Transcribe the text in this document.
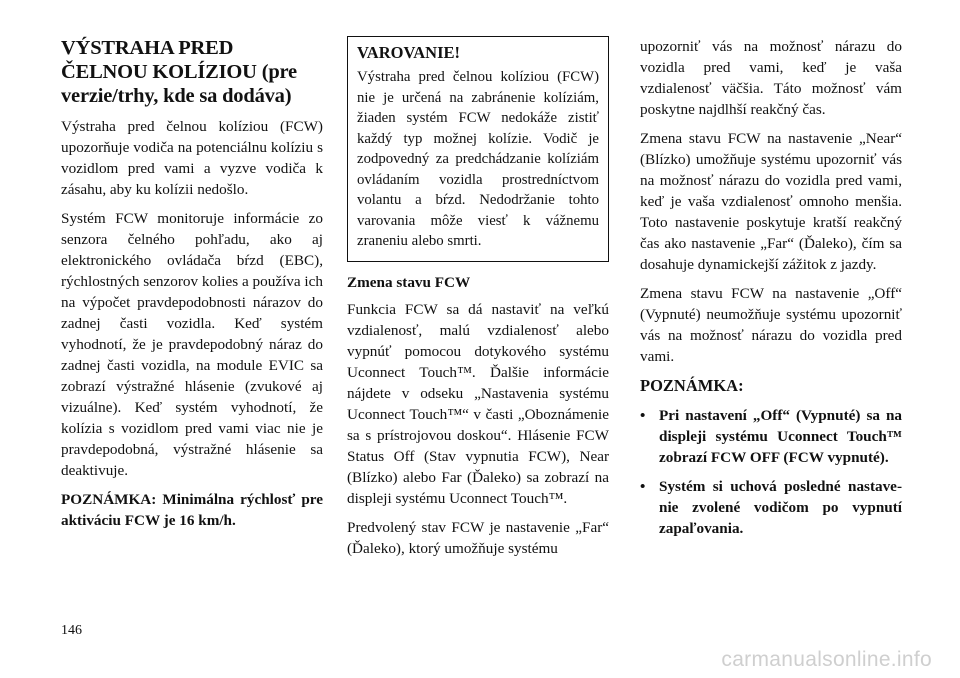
VÝSTRAHA PRED
ČELNOU KOLÍZIOU (pre
verzie/trhy, kde sa dodáva)

Výstraha pred čelnou kolíziou (FCW) upozorňuje vodiča na potenciálnu kolíziu s vozidlom pred vami a vyzve vodiča k zásahu, aby ku kolízii nedošlo.

Systém FCW monitoruje informácie zo senzora čelného pohľadu, ako aj elektronického ovládača bŕzd (EBC), rýchlostných senzorov kolies a používa ich na výpočet pravdepodobnosti nárazov do zadnej časti vozidla. Keď systém vyhodnotí, že je pravdepodobný náraz do zadnej časti vozidla, na module EVIC sa zobrazí výstražné hlásenie (zvukové aj vizuálne). Keď systém vyhodnotí, že kolízia s vozidlom pred vami viac nie je pravdepodobná, výstražné hlásenie sa deaktivuje.

POZNÁMKA: Minimálna rýchlosť pre aktiváciu FCW je 16 km/h.

VAROVANIE!

Výstraha pred čelnou kolíziou (FCW) nie je určená na zabránenie kolíziám, žiaden systém FCW nedokáže zistiť každý typ možnej kolízie. Vodič je zodpovedný za predchádzanie kolíziám ovládaním vozidla prostredníctvom volantu a bŕzd. Nedodržanie tohto varovania môže viesť k vážnemu zraneniu alebo smrti.

Zmena stavu FCW

Funkcia FCW sa dá nastaviť na veľkú vzdialenosť, malú vzdialenosť alebo vypnúť pomocou dotykového systému Uconnect Touch™. Ďalšie informácie nájdete v odseku „Nastavenia systému Uconnect Touch™“ v časti „Oboznámenie sa s prístrojovou doskou“. Hlásenie FCW Status Off (Stav vypnutia FCW), Near (Blízko) alebo Far (Ďaleko) sa zobrazí na displeji systému Uconnect Touch™.

Predvolený stav FCW je nastavenie „Far“ (Ďaleko), ktorý umožňuje systému

upozorniť vás na možnosť nárazu do vozidla pred vami, keď je vaša vzdialenosť väčšia. Táto možnosť vám poskytne najdlhší reakčný čas.

Zmena stavu FCW na nastavenie „Near“ (Blízko) umožňuje systému upozorniť vás na možnosť nárazu do vozidla pred vami, keď je vaša vzdialenosť omnoho menšia. Toto nastavenie poskytuje kratší reakčný čas ako nastavenie „Far“ (Ďaleko), čím sa dosahuje dynamickejší zážitok z jazdy.

Zmena stavu FCW na nastavenie „Off“ (Vypnuté) neumožňuje systému upozorniť vás na možnosť nárazu do vozidla pred vami.

POZNÁMKA:
• Pri nastavení „Off“ (Vypnuté) sa na displeji systému Uconnect Touch™ zobrazí FCW OFF (FCW vypnuté).
• Systém si uchová posledné nastavenie zvolené vodičom po vypnutí zapaľovania.
146
carmanualsonline.info
